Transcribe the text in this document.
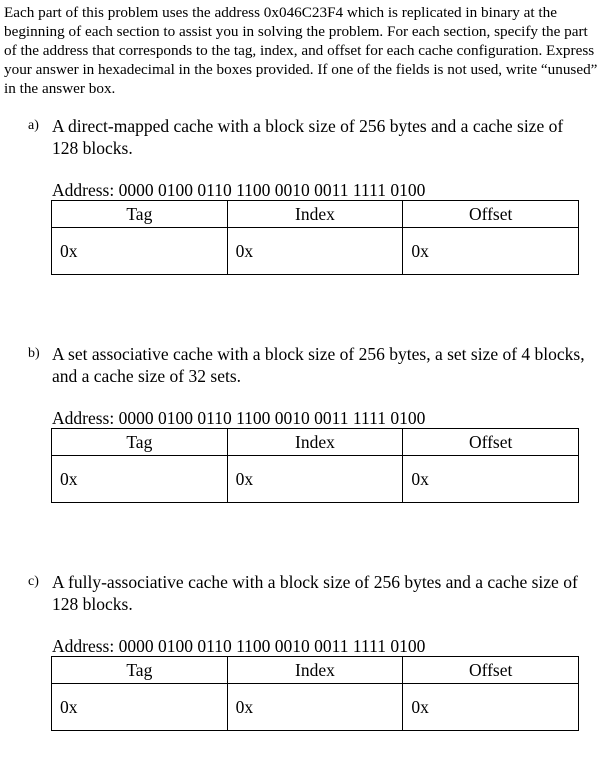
Each part of this problem uses the address 0x046C23F4 which is replicated in binary at the beginning of each section to assist you in solving the problem. For each section, specify the part of the address that corresponds to the tag, index, and offset for each cache configuration. Express your answer in hexadecimal in the boxes provided. If one of the fields is not used, write “unused” in the answer box.

a) A direct-mapped cache with a block size of 256 bytes and a cache size of 128 blocks.

Address: 0000 0100 0110 1100 0010 0011 1111 0100
Tag	Index	Offset
0x	0x	0x
b) A set associative cache with a block size of 256 bytes, a set size of 4 blocks, and a cache size of 32 sets.

Address: 0000 0100 0110 1100 0010 0011 1111 0100
Tag	Index	Offset
0x	0x	0x
c) A fully-associative cache with a block size of 256 bytes and a cache size of 128 blocks.

Address: 0000 0100 0110 1100 0010 0011 1111 0100
Tag	Index	Offset
0x	0x	0x
